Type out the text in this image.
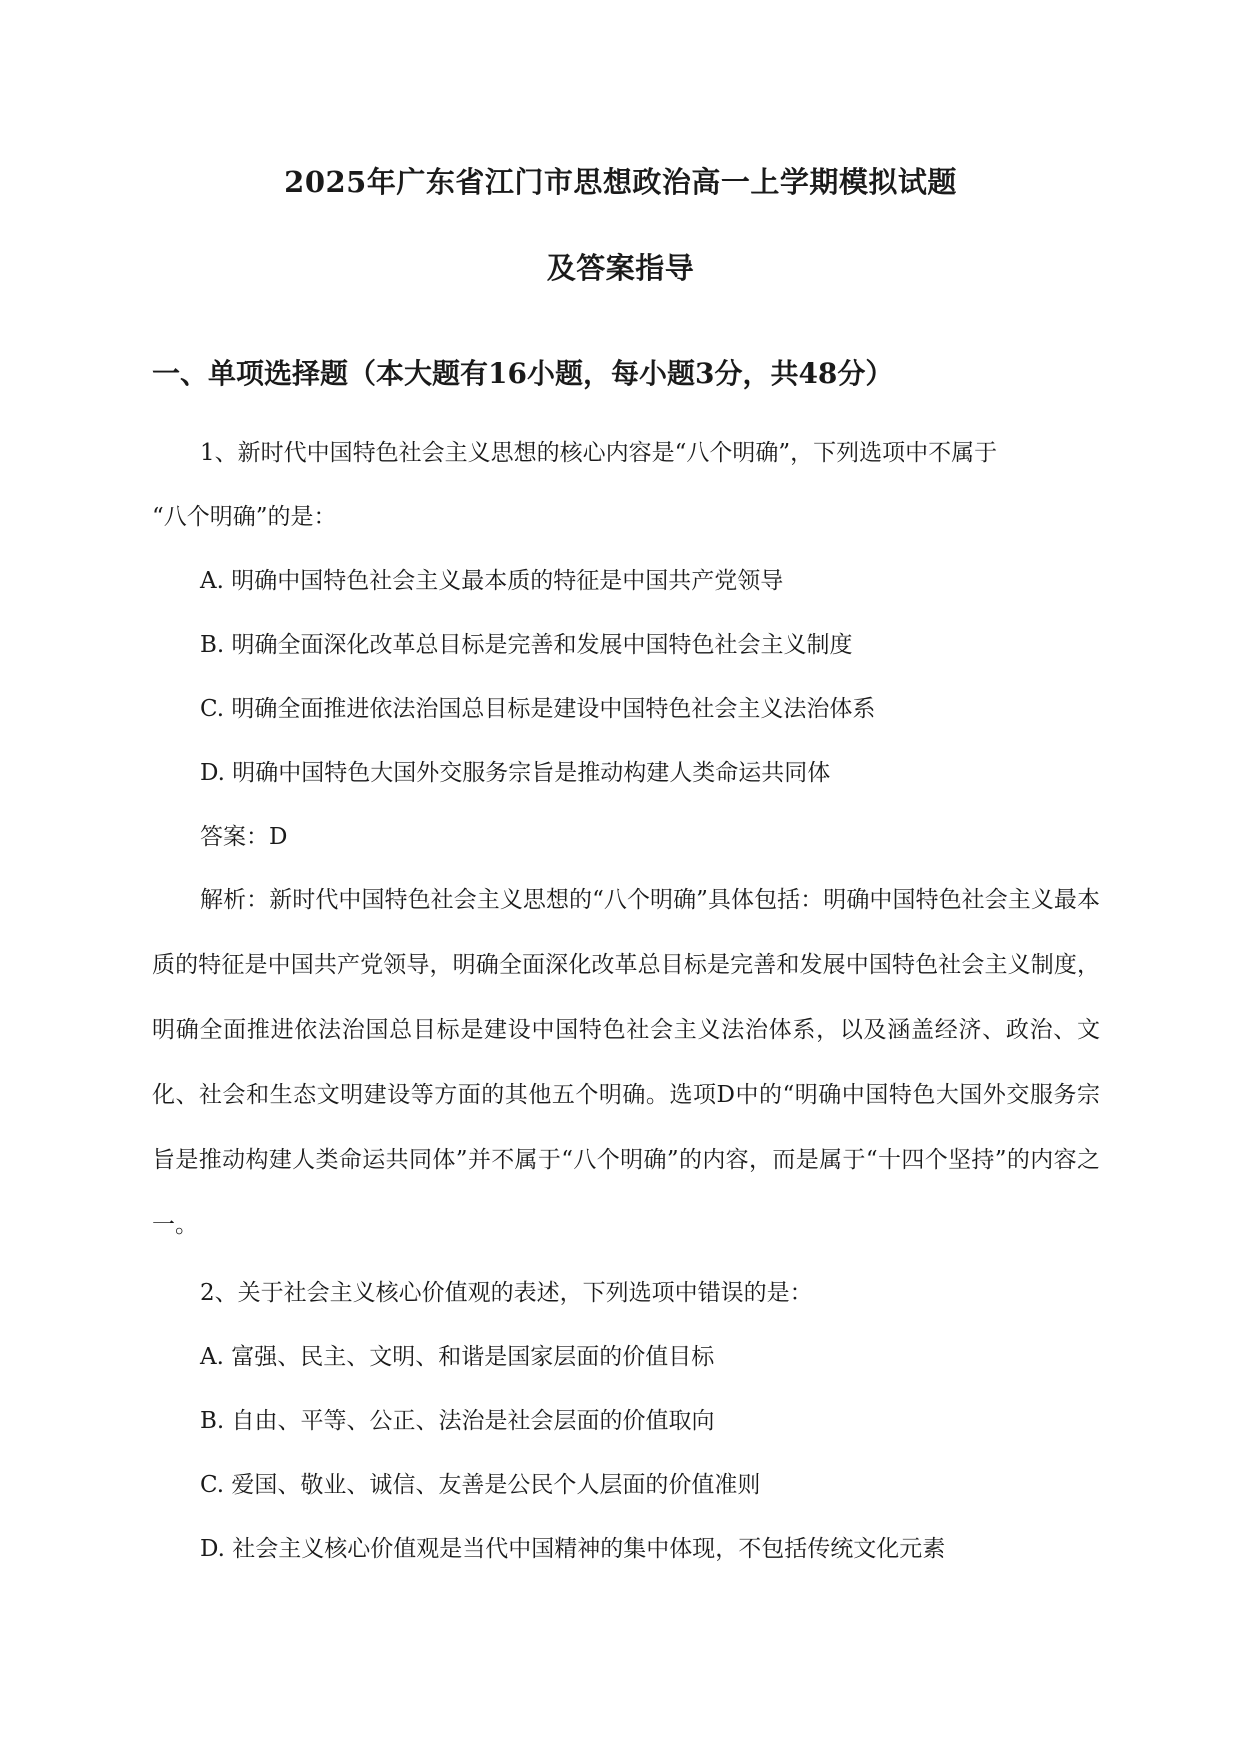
2025年广东省江门市思想政治高一上学期模拟试题
及答案指导
一、单项选择题（本大题有16小题，每小题3分，共48分）
1、新时代中国特色社会主义思想的核心内容是“八个明确”，下列选项中不属于
“八个明确”的是：
A. 明确中国特色社会主义最本质的特征是中国共产党领导
B. 明确全面深化改革总目标是完善和发展中国特色社会主义制度
C. 明确全面推进依法治国总目标是建设中国特色社会主义法治体系
D. 明确中国特色大国外交服务宗旨是推动构建人类命运共同体
答案：D

解析：新时代中国特色社会主义思想的“八个明确”具体包括：明确中国特色社会主义最本质的特征是中国共产党领导，明确全面深化改革总目标是完善和发展中国特色社会主义制度，明确全面推进依法治国总目标是建设中国特色社会主义法治体系，以及涵盖经济、政治、文化、社会和生态文明建设等方面的其他五个明确。选项D中的“明确中国特色大国外交服务宗旨是推动构建人类命运共同体”并不属于“八个明确”的内容，而是属于“十四个坚持”的内容之一。

2、关于社会主义核心价值观的表述，下列选项中错误的是：
A. 富强、民主、文明、和谐是国家层面的价值目标
B. 自由、平等、公正、法治是社会层面的价值取向
C. 爱国、敬业、诚信、友善是公民个人层面的价值准则
D. 社会主义核心价值观是当代中国精神的集中体现，不包括传统文化元素
